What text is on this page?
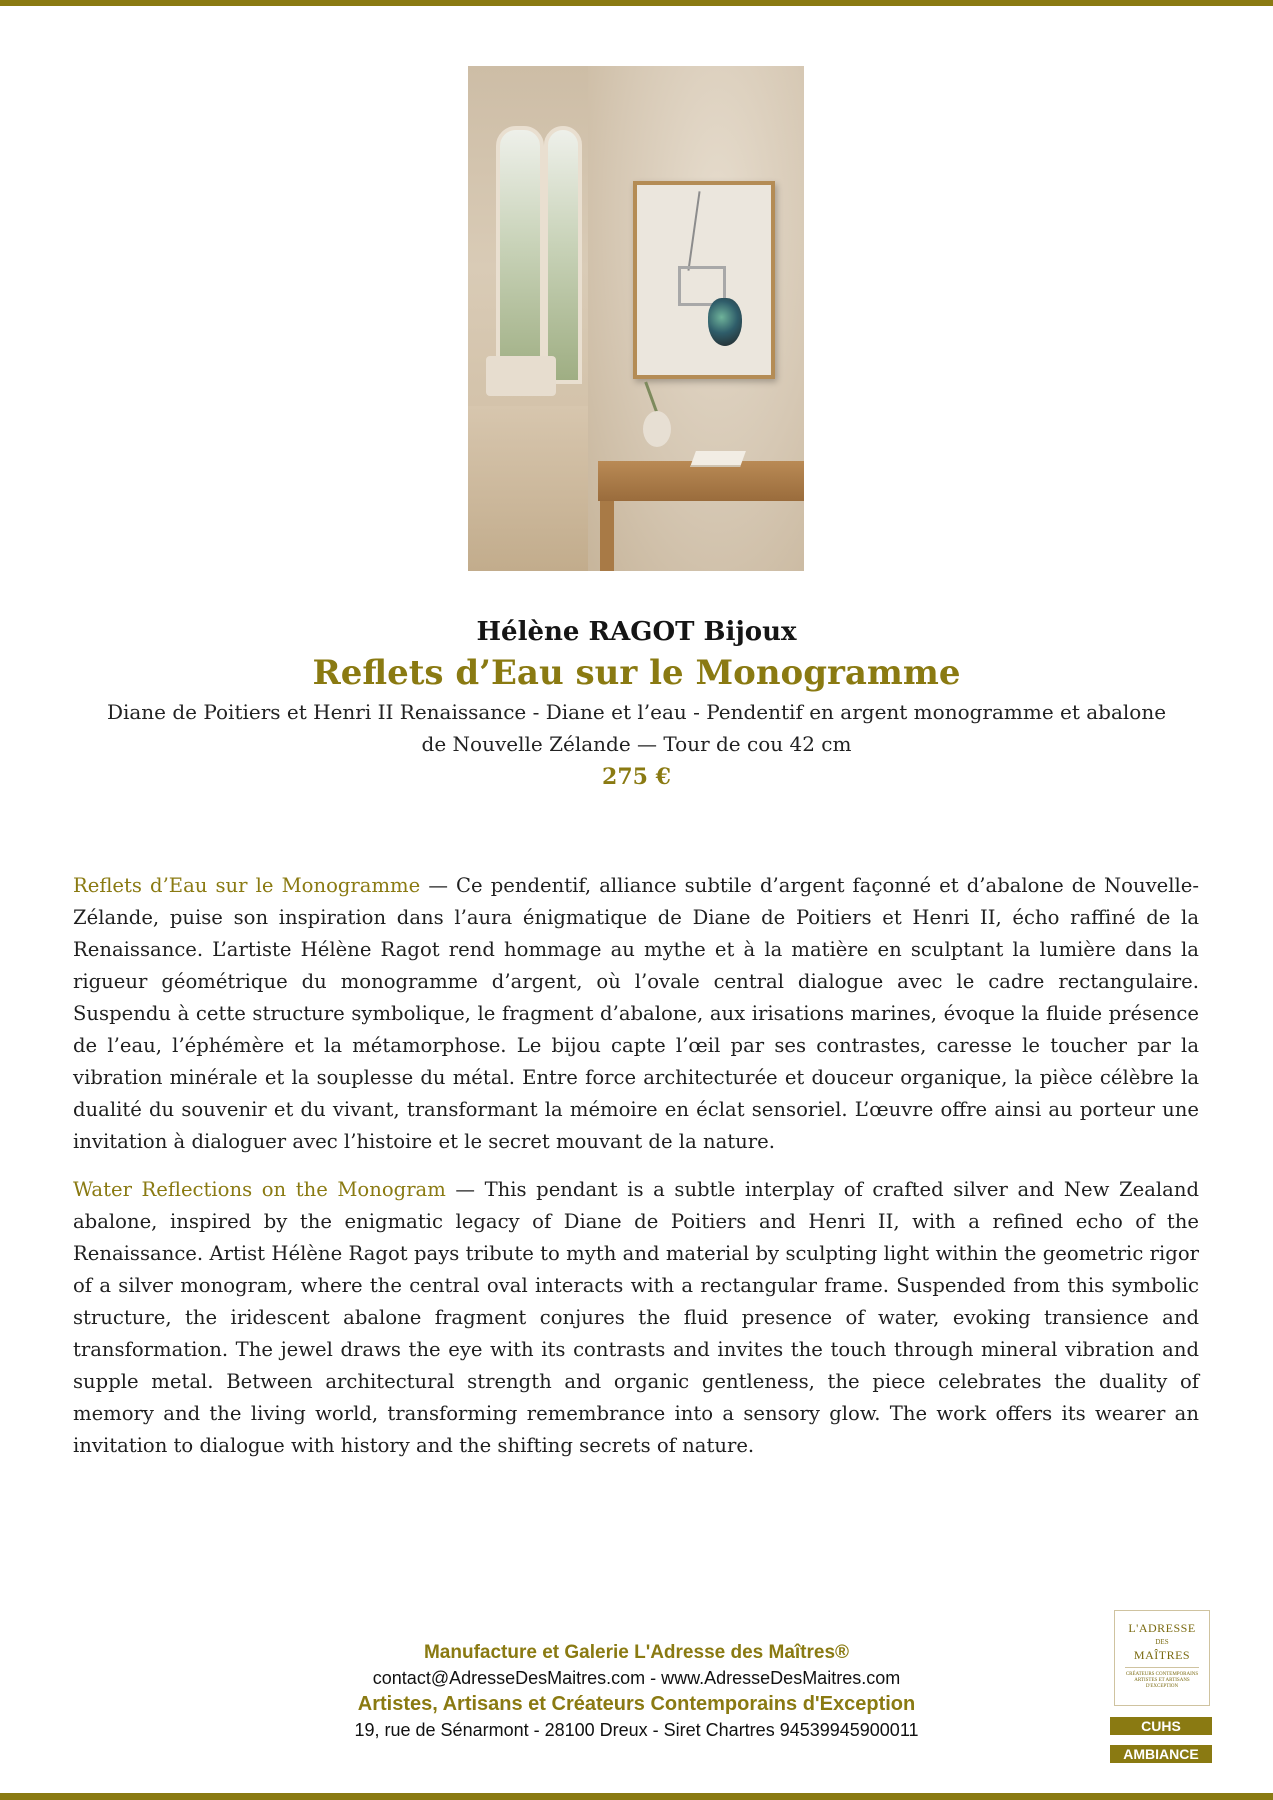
Hélène RAGOT Bijoux

Reflets d’Eau sur le Monogramme

Diane de Poitiers et Henri II Renaissance - Diane et l’eau - Pendentif en argent monogramme et abalone de Nouvelle Zélande — Tour de cou 42 cm

275 €

Reflets d’Eau sur le Monogramme — Ce pendentif, alliance subtile d’argent façonné et d’abalone de Nouvelle-Zélande, puise son inspiration dans l’aura énigmatique de Diane de Poitiers et Henri II, écho raffiné de la Renaissance. L’artiste Hélène Ragot rend hommage au mythe et à la matière en sculptant la lumière dans la rigueur géométrique du monogramme d’argent, où l’ovale central dialogue avec le cadre rectangulaire. Suspendu à cette structure symbolique, le fragment d’abalone, aux irisations marines, évoque la fluide présence de l’eau, l’éphémère et la métamorphose. Le bijou capte l’œil par ses contrastes, caresse le toucher par la vibration minérale et la souplesse du métal. Entre force architecturée et douceur organique, la pièce célèbre la dualité du souvenir et du vivant, transformant la mémoire en éclat sensoriel. L’œuvre offre ainsi au porteur une invitation à dialoguer avec l’histoire et le secret mouvant de la nature.

Water Reflections on the Monogram — This pendant is a subtle interplay of crafted silver and New Zealand abalone, inspired by the enigmatic legacy of Diane de Poitiers and Henri II, with a refined echo of the Renaissance. Artist Hélène Ragot pays tribute to myth and material by sculpting light within the geometric rigor of a silver monogram, where the central oval interacts with a rectangular frame. Suspended from this symbolic structure, the iridescent abalone fragment conjures the fluid presence of water, evoking transience and transformation. The jewel draws the eye with its contrasts and invites the touch through mineral vibration and supple metal. Between architectural strength and organic gentleness, the piece celebrates the duality of memory and the living world, transforming remembrance into a sensory glow. The work offers its wearer an invitation to dialogue with history and the shifting secrets of nature.

Manufacture et Galerie L'Adresse des Maîtres®
contact@AdresseDesMaitres.com - www.AdresseDesMaitres.com
Artistes, Artisans et Créateurs Contemporains d'Exception
19, rue de Sénarmont - 28100 Dreux - Siret Chartres 94539945900011
L'ADRESSE
DES
MAÎTRES
CRÉATEURS CONTEMPORAINS ARTISTES ET ARTISANS D'EXCEPTION
CUHS
AMBIANCE
